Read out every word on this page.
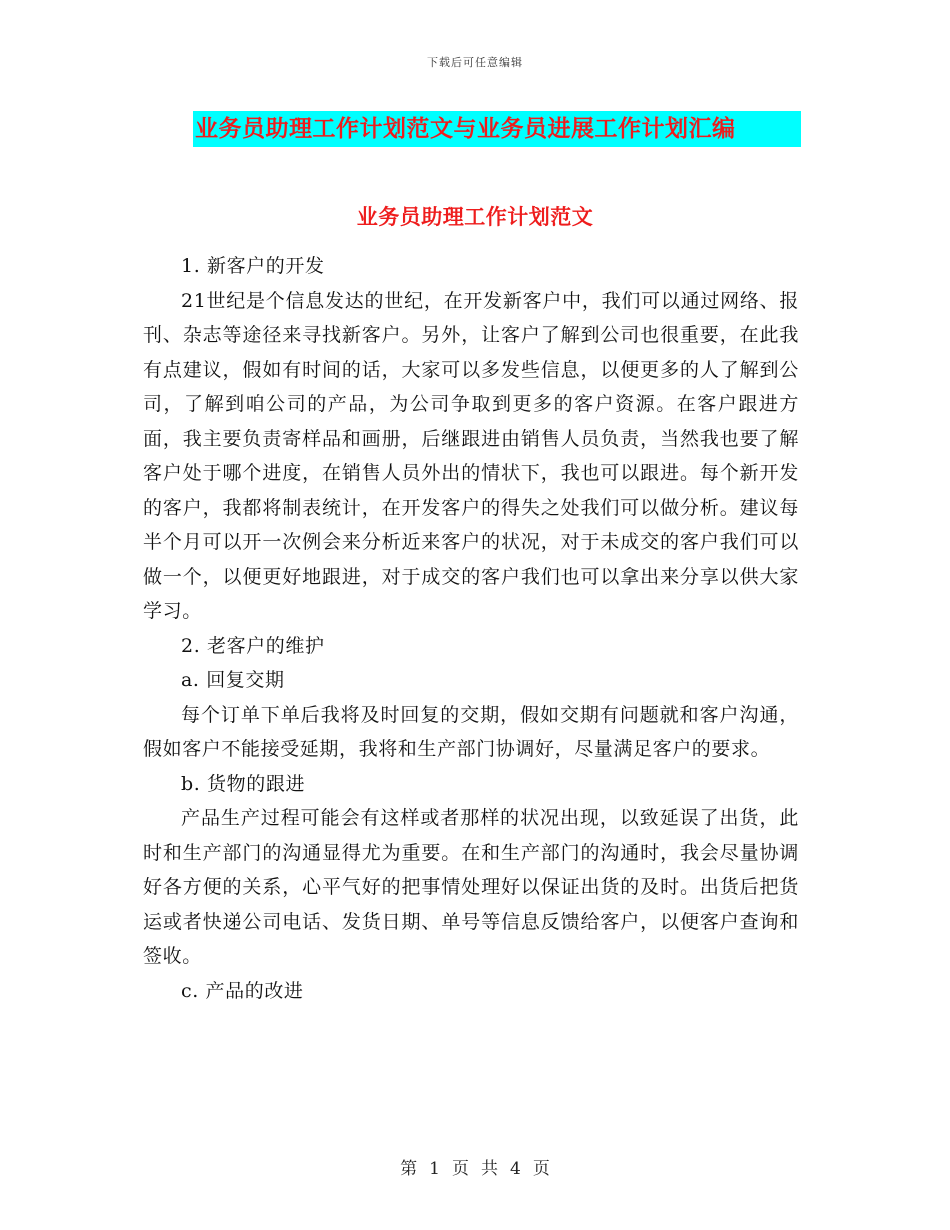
下载后可任意编辑
业务员助理工作计划范文与业务员进展工作计划汇编
业务员助理工作计划范文

1. 新客户的开发

21世纪是个信息发达的世纪，在开发新客户中，我们可以通过网络、报刊、杂志等途径来寻找新客户。另外，让客户了解到公司也很重要，在此我有点建议，假如有时间的话，大家可以多发些信息，以便更多的人了解到公司，了解到咱公司的产品，为公司争取到更多的客户资源。在客户跟进方面，我主要负责寄样品和画册，后继跟进由销售人员负责，当然我也要了解客户处于哪个进度，在销售人员外出的情状下，我也可以跟进。每个新开发的客户，我都将制表统计，在开发客户的得失之处我们可以做分析。建议每半个月可以开一次例会来分析近来客户的状况，对于未成交的客户我们可以做一个，以便更好地跟进，对于成交的客户我们也可以拿出来分享以供大家学习。

2. 老客户的维护

a. 回复交期

每个订单下单后我将及时回复的交期，假如交期有问题就和客户沟通，假如客户不能接受延期，我将和生产部门协调好，尽量满足客户的要求。

b. 货物的跟进

产品生产过程可能会有这样或者那样的状况出现，以致延误了出货，此时和生产部门的沟通显得尤为重要。在和生产部门的沟通时，我会尽量协调好各方便的关系，心平气好的把事情处理好以保证出货的及时。出货后把货运或者快递公司电话、发货日期、单号等信息反馈给客户，以便客户查询和签收。

c. 产品的改进

第 1 页 共 4 页
